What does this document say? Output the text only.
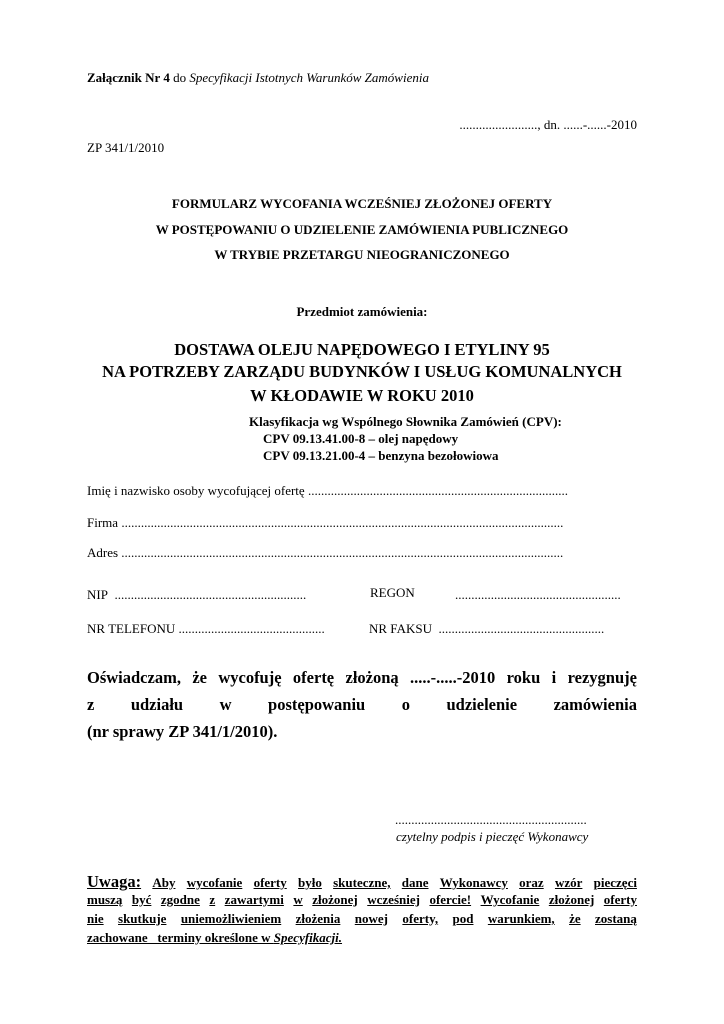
Załącznik Nr 4 do Specyfikacji Istotnych Warunków Zamówienia
........................, dn. ......-......-2010
ZP 341/1/2010
FORMULARZ WYCOFANIA WCZEŚNIEJ ZŁOŻONEJ OFERTY
W POSTĘPOWANIU O UDZIELENIE ZAMÓWIENIA PUBLICZNEGO
W TRYBIE PRZETARGU NIEOGRANICZONEGO
Przedmiot zamówienia:
DOSTAWA OLEJU NAPĘDOWEGO I ETYLINY 95
NA POTRZEBY ZARZĄDU BUDYNKÓW I USŁUG KOMUNALNYCH
W KŁODAWIE W ROKU 2010
Klasyfikacja wg Wspólnego Słownika Zamówień (CPV):
CPV 09.13.41.00-8 – olej napędowy
CPV 09.13.21.00-4 – benzyna bezołowiowa
Imię i nazwisko osoby wycofującej ofertę ................................................................................
Firma ........................................................................................................................................
Adres ........................................................................................................................................
NIP ...........................................................	REGON	...................................................
NR TELEFONU .............................................	NR FAKSU ...................................................
Oświadczam, że wycofuję ofertę złożoną .....-.....-2010 roku i rezygnuję
z udziału w postępowaniu o udzielenie zamówienia
(nr sprawy ZP 341/1/2010).
...........................................................
czytelny podpis i pieczęć Wykonawcy
Uwaga: Aby wycofanie oferty było skuteczne, dane Wykonawcy oraz wzór pieczęci
muszą być zgodne z zawartymi w złożonej wcześniej ofercie! Wycofanie złożonej oferty
nie skutkuje uniemożliwieniem złożenia nowej oferty, pod warunkiem, że zostaną
zachowane   terminy określone w Specyfikacji.
